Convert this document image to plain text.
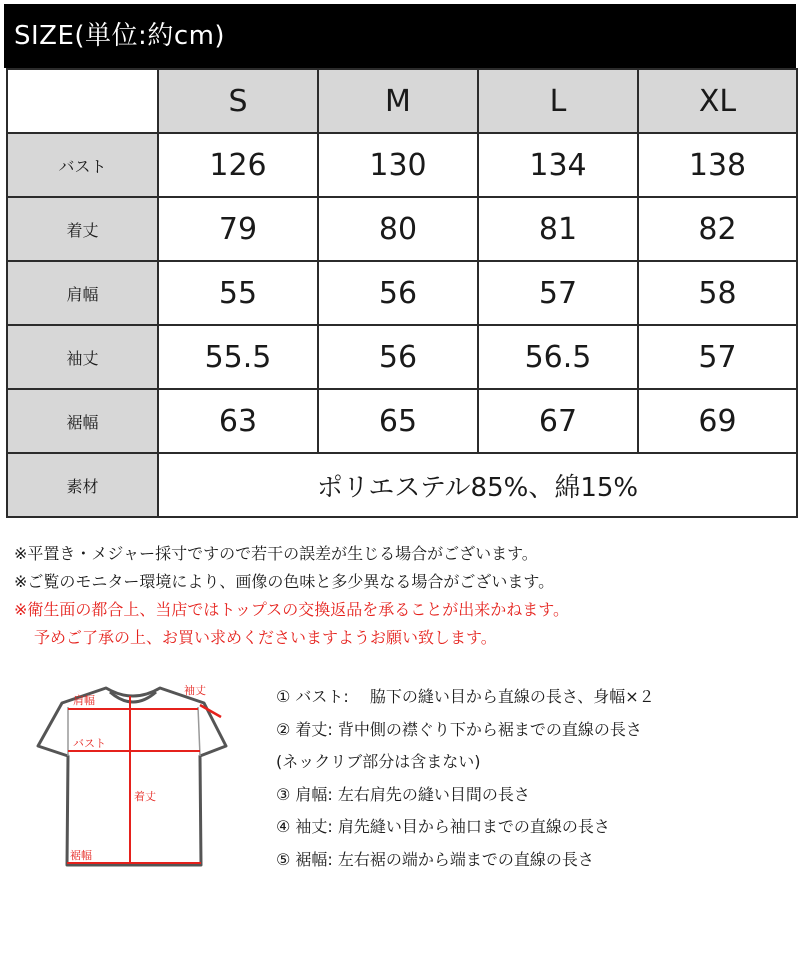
SIZE(単位:約cm)
	S	M	L	XL
バスト	126	130	134	138
着丈	79	80	81	82
肩幅	55	56	57	58
袖丈	55.5	56	56.5	57
裾幅	63	65	67	69
素材	ポリエステル85%、綿15%			
※平置き・メジャー採寸ですので若干の誤差が生じる場合がございます。
※ご覧のモニター環境により、画像の色味と多少異なる場合がございます。
※衛生面の都合上、当店ではトップスの交換返品を承ることが出来かねます。
予めご了承の上、お買い求めくださいますようお願い致します。
袖丈
肩幅
バスト
着丈
裾幅
① バスト:　 脇下の縫い目から直線の長さ、身幅×２
② 着丈: 背中側の襟ぐり下から裾までの直線の長さ
(ネックリブ部分は含まない)
③ 肩幅: 左右肩先の縫い目間の長さ
④ 袖丈: 肩先縫い目から袖口までの直線の長さ
⑤ 裾幅: 左右裾の端から端までの直線の長さ
